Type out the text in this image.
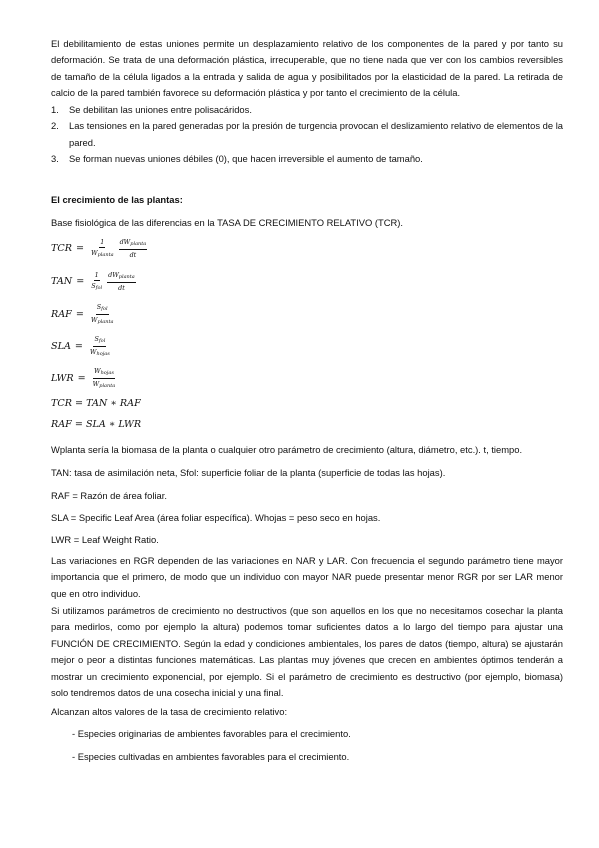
El debilitamiento de estas uniones permite un desplazamiento relativo de los componentes de la pared y por tanto su deformación. Se trata de una deformación plástica, irrecuperable, que no tiene nada que ver con los cambios reversibles de tamaño de la célula ligados a la entrada y salida de agua y posibilitados por la elasticidad de la pared. La retirada de calcio de la pared también favorece su deformación plástica y por tanto el crecimiento de la célula.

1. Se debilitan las uniones entre polisacáridos.
2. Las tensiones en la pared generadas por la presión de turgencia provocan el deslizamiento relativo de elementos de la pared.
3. Se forman nuevas uniones débiles (0), que hacen irreversible el aumento de tamaño.

El crecimiento de las plantas:

Base fisiológica de las diferencias en la TASA DE CRECIMIENTO RELATIVO (TCR).

TCR = $\frac{1}{W_{planta}} \frac{dW_{planta}}{dt}$
TAN = $\frac{1}{S_{fol}} \frac{dW_{planta}}{dt}$
RAF = $\frac{S_{fol}}{W_{planta}}$
SLA = $\frac{S_{fol}}{W_{hojas}}$
LWR = $\frac{W_{hojas}}{W_{planta}}$
TCR = TAN ∗ RAF
RAF = SLA ∗ LWR

Wplanta sería la biomasa de la planta o cualquier otro parámetro de crecimiento (altura, diámetro, etc.). t, tiempo.

TAN: tasa de asimilación neta, Sfol: superficie foliar de la planta (superficie de todas las hojas).

RAF = Razón de área foliar.

SLA = Specific Leaf Area (área foliar específica). Whojas = peso seco en hojas.

LWR = Leaf Weight Ratio.

Las variaciones en RGR dependen de las variaciones en NAR y LAR. Con frecuencia el segundo parámetro tiene mayor importancia que el primero, de modo que un individuo con mayor NAR puede presentar menor RGR por ser LAR menor que en otro individuo.

Si utilizamos parámetros de crecimiento no destructivos (que son aquellos en los que no necesitamos cosechar la planta para medirlos, como por ejemplo la altura) podemos tomar suficientes datos a lo largo del tiempo para ajustar una FUNCIÓN DE CRECIMIENTO. Según la edad y condiciones ambientales, los pares de datos (tiempo, altura) se ajustarán mejor o peor a distintas funciones matemáticas. Las plantas muy jóvenes que crecen en ambientes óptimos tenderán a mostrar un crecimiento exponencial, por ejemplo. Si el parámetro de crecimiento es destructivo (por ejemplo, biomasa) solo tendremos datos de una cosecha inicial y una final.

Alcanzan altos valores de la tasa de crecimiento relativo:

- Especies originarias de ambientes favorables para el crecimiento.
- Especies cultivadas en ambientes favorables para el crecimiento.
